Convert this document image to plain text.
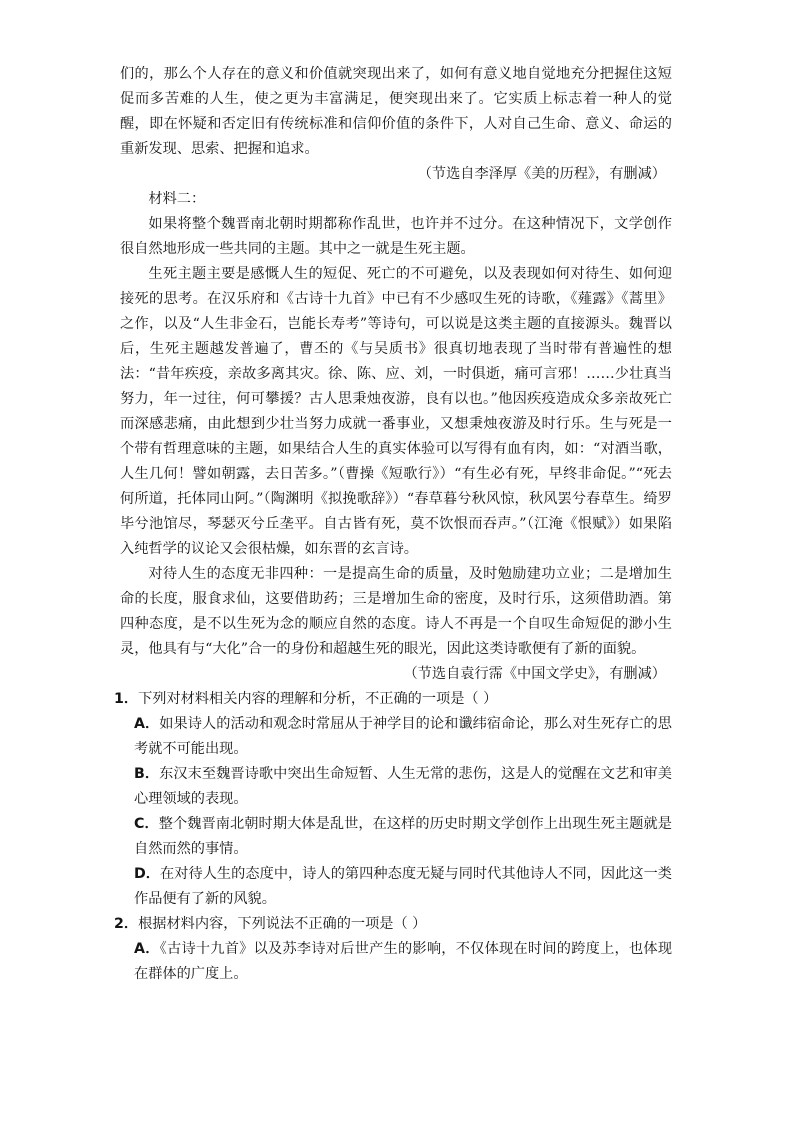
们的，那么个人存在的意义和价值就突现出来了，如何有意义地自觉地充分把握住这短促而多苦难的人生，使之更为丰富满足，便突现出来了。它实质上标志着一种人的觉醒，即在怀疑和否定旧有传统标准和信仰价值的条件下，人对自己生命、意义、命运的重新发现、思索、把握和追求。

（节选自李泽厚《美的历程》，有删减）

材料二：

如果将整个魏晋南北朝时期都称作乱世，也许并不过分。在这种情况下，文学创作很自然地形成一些共同的主题。其中之一就是生死主题。

生死主题主要是感慨人生的短促、死亡的不可避免，以及表现如何对待生、如何迎接死的思考。在汉乐府和《古诗十九首》中已有不少感叹生死的诗歌，《薤露》《蒿里》之作，以及“人生非金石，岂能长寿考”等诗句，可以说是这类主题的直接源头。魏晋以后，生死主题越发普遍了，曹丕的《与吴质书》很真切地表现了当时带有普遍性的想法：“昔年疾疫，亲故多离其灾。徐、陈、应、刘，一时俱逝，痛可言邪！……少壮真当努力，年一过往，何可攀援？古人思秉烛夜游，良有以也。”他因疾疫造成众多亲故死亡而深感悲痛，由此想到少壮当努力成就一番事业，又想秉烛夜游及时行乐。生与死是一个带有哲理意味的主题，如果结合人生的真实体验可以写得有血有肉，如：“对酒当歌，人生几何！譬如朝露，去日苦多。”（曹操《短歌行》）“有生必有死，早终非命促。”“死去何所道，托体同山阿。”（陶渊明《拟挽歌辞》）“春草暮兮秋风惊，秋风罢兮春草生。绮罗毕兮池馆尽，琴瑟灭兮丘垄平。自古皆有死，莫不饮恨而吞声。”（江淹《恨赋》）如果陷入纯哲学的议论又会很枯燥，如东晋的玄言诗。

对待人生的态度无非四种：一是提高生命的质量，及时勉励建功立业；二是增加生命的长度，服食求仙，这要借助药；三是增加生命的密度，及时行乐，这须借助酒。第四种态度，是不以生死为念的顺应自然的态度。诗人不再是一个自叹生命短促的渺小生灵，他具有与“大化”合一的身份和超越生死的眼光，因此这类诗歌便有了新的面貌。

（节选自袁行霈《中国文学史》，有删减）

1．下列对材料相关内容的理解和分析，不正确的一项是（ ）

A．如果诗人的活动和观念时常屈从于神学目的论和谶纬宿命论，那么对生死存亡的思考就不可能出现。

B．东汉末至魏晋诗歌中突出生命短暂、人生无常的悲伤，这是人的觉醒在文艺和审美心理领域的表现。

C．整个魏晋南北朝时期大体是乱世，在这样的历史时期文学创作上出现生死主题就是自然而然的事情。

D．在对待人生的态度中，诗人的第四种态度无疑与同时代其他诗人不同，因此这一类作品便有了新的风貌。

2．根据材料内容，下列说法不正确的一项是（ ）

A．《古诗十九首》以及苏李诗对后世产生的影响，不仅体现在时间的跨度上，也体现在群体的广度上。
